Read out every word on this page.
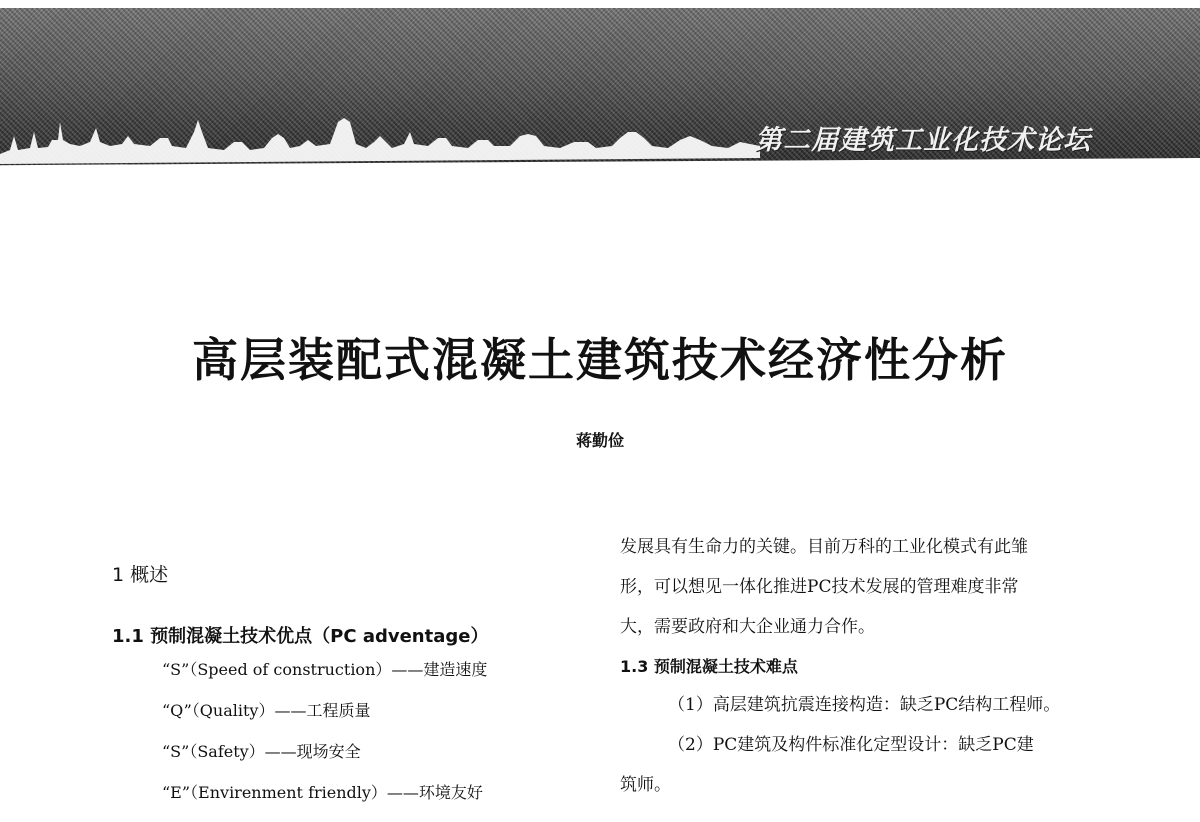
第二届建筑工业化技术论坛
高层装配式混凝土建筑技术经济性分析
蒋勤俭
1 概述
1.1 预制混凝土技术优点（PC adventage）
“S”（Speed of construction）——建造速度
“Q”（Quality）——工程质量
“S”（Safety）——现场安全
“E”（Envirenment friendly）——环境友好
发展具有生命力的关键。目前万科的工业化模式有此雏
形，可以想见一体化推进PC技术发展的管理难度非常
大，需要政府和大企业通力合作。
1.3 预制混凝土技术难点
（1）高层建筑抗震连接构造：缺乏PC结构工程师。
（2）PC建筑及构件标准化定型设计：缺乏PC建
筑师。
